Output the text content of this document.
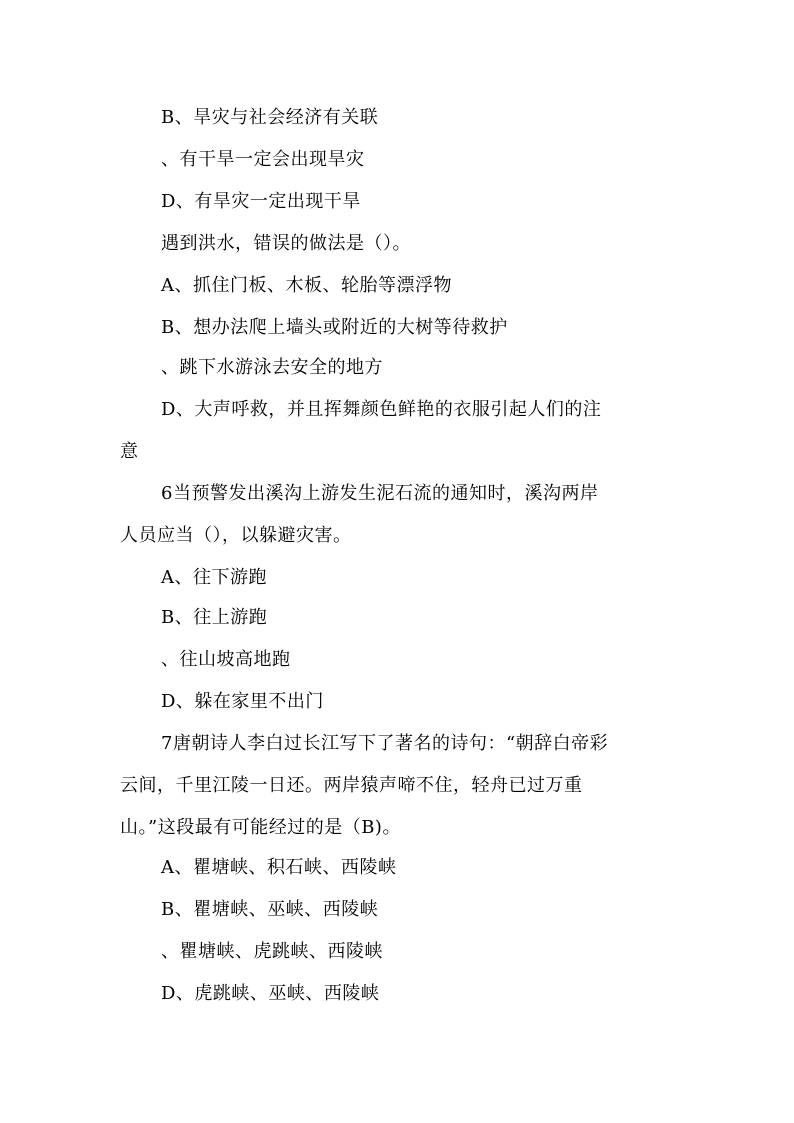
B、旱灾与社会经济有关联
、有干旱一定会出现旱灾
D、有旱灾一定出现干旱
遇到洪水，错误的做法是（）。
A、抓住门板、木板、轮胎等漂浮物
B、想办法爬上墙头或附近的大树等待救护
、跳下水游泳去安全的地方
D、大声呼救，并且挥舞颜色鲜艳的衣服引起人们的注
意
6当预警发出溪沟上游发生泥石流的通知时，溪沟两岸
人员应当（），以躲避灾害。
A、往下游跑
B、往上游跑
、往山坡高地跑
D、躲在家里不出门
7唐朝诗人李白过长江写下了著名的诗句：“朝辞白帝彩
云间，千里江陵一日还。两岸猿声啼不住，轻舟已过万重
山。”这段最有可能经过的是（B)。
A、瞿塘峡、积石峡、西陵峡
B、瞿塘峡、巫峡、西陵峡
、瞿塘峡、虎跳峡、西陵峡
D、虎跳峡、巫峡、西陵峡
